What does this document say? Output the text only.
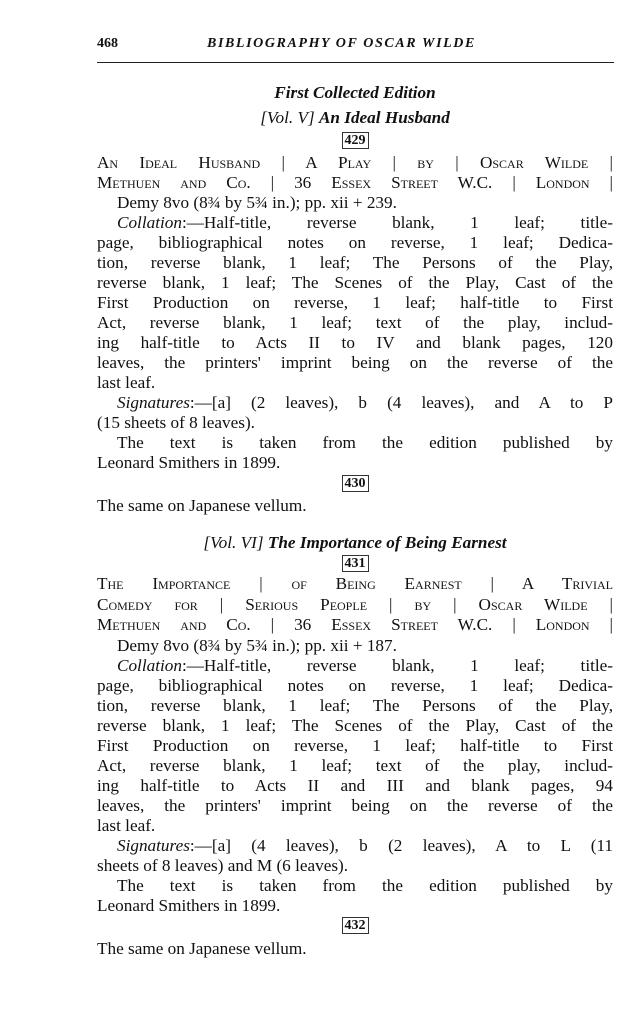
468	BIBLIOGRAPHY OF OSCAR WILDE
First Collected Edition
[Vol. V] An Ideal Husband
429
An Ideal Husband | A Play | by | Oscar Wilde |
Methuen and Co. | 36 Essex Street W.C. | London |
Demy 8vo (8¾ by 5¾ in.); pp. xii + 239.
Collation:—Half-title, reverse blank, 1 leaf; title-
page, bibliographical notes on reverse, 1 leaf; Dedica-
tion, reverse blank, 1 leaf; The Persons of the Play,
reverse blank, 1 leaf; The Scenes of the Play, Cast of the
First Production on reverse, 1 leaf; half-title to First
Act, reverse blank, 1 leaf; text of the play, includ-
ing half-title to Acts II to IV and blank pages, 120
leaves, the printers' imprint being on the reverse of the
last leaf.
Signatures:—[a] (2 leaves), b (4 leaves), and A to P
(15 sheets of 8 leaves).
The text is taken from the edition published by
Leonard Smithers in 1899.
430
The same on Japanese vellum.
[Vol. VI] The Importance of Being Earnest
431
The Importance | of Being Earnest | A Trivial
Comedy for | Serious People | by | Oscar Wilde |
Methuen and Co. | 36 Essex Street W.C. | London |
Demy 8vo (8¾ by 5¾ in.); pp. xii + 187.
Collation:—Half-title, reverse blank, 1 leaf; title-
page, bibliographical notes on reverse, 1 leaf; Dedica-
tion, reverse blank, 1 leaf; The Persons of the Play,
reverse blank, 1 leaf; The Scenes of the Play, Cast of the
First Production on reverse, 1 leaf; half-title to First
Act, reverse blank, 1 leaf; text of the play, includ-
ing half-title to Acts II and III and blank pages, 94
leaves, the printers' imprint being on the reverse of the
last leaf.
Signatures:—[a] (4 leaves), b (2 leaves), A to L (11
sheets of 8 leaves) and M (6 leaves).
The text is taken from the edition published by
Leonard Smithers in 1899.
432
The same on Japanese vellum.
